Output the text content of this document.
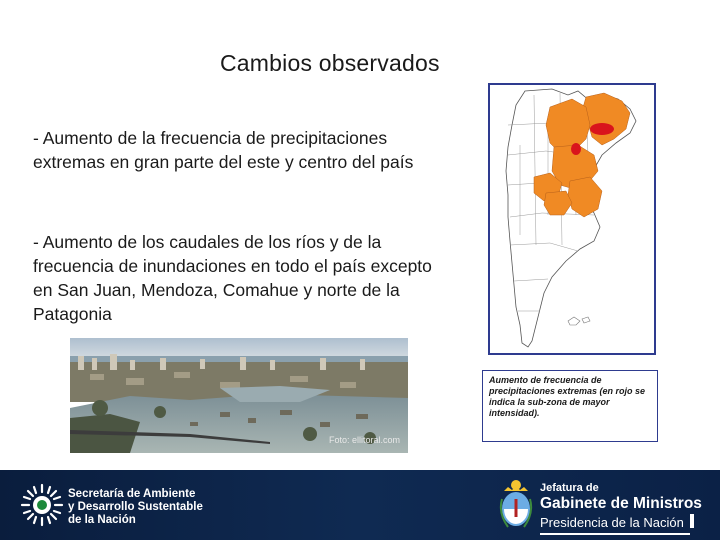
Cambios observados
- Aumento de la frecuencia de precipitaciones extremas en gran parte del este y centro del país
- Aumento de los caudales de los ríos y de la frecuencia de inundaciones en todo el país excepto en San Juan, Mendoza, Comahue y norte de la Patagonia
Aumento de frecuencia de precipitaciones extremas (en rojo se indica la sub-zona de mayor intensidad).
Foto: ellitoral.com
Secretaría de Ambiente
y Desarrollo Sustentable
de la Nación
Jefatura de
Gabinete de Ministros
Presidencia de la Nación
